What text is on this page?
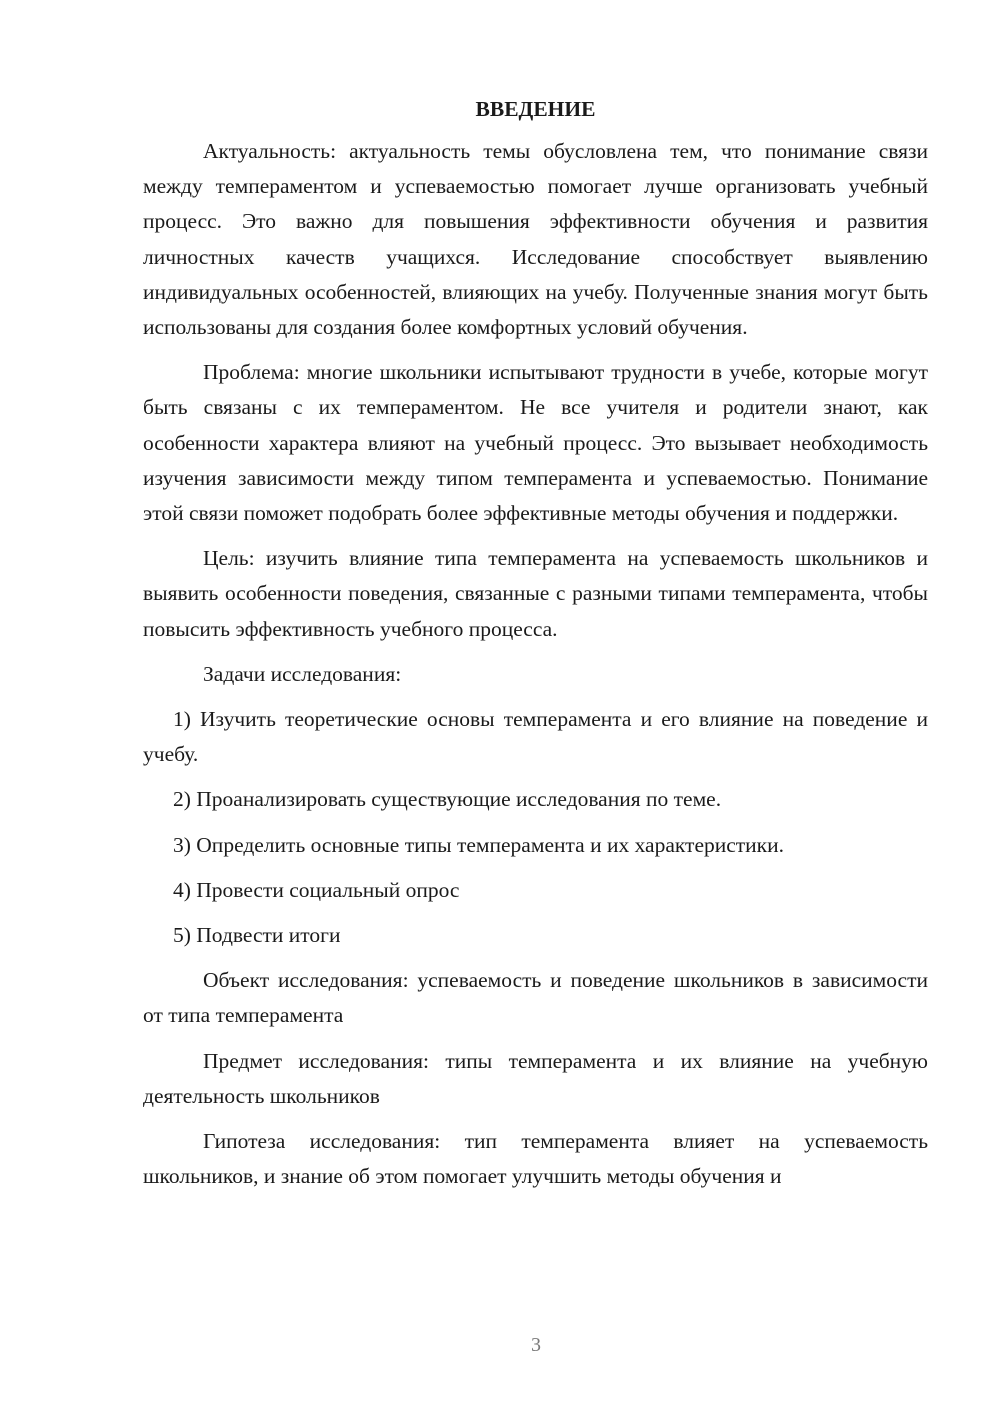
ВВЕДЕНИЕ

Актуальность: актуальность темы обусловлена тем, что понимание связи между темпераментом и успеваемостью помогает лучше организовать учебный процесс. Это важно для повышения эффективности обучения и развития личностных качеств учащихся. Исследование способствует выявлению индивидуальных особенностей, влияющих на учебу. Полученные знания могут быть использованы для создания более комфортных условий обучения.

Проблема: многие школьники испытывают трудности в учебе, которые могут быть связаны с их темпераментом. Не все учителя и родители знают, как особенности характера влияют на учебный процесс. Это вызывает необходимость изучения зависимости между типом темперамента и успеваемостью. Понимание этой связи поможет подобрать более эффективные методы обучения и поддержки.

Цель: изучить влияние типа темперамента на успеваемость школьников и выявить особенности поведения, связанные с разными типами темперамента, чтобы повысить эффективность учебного процесса.

Задачи исследования:

1) Изучить теоретические основы темперамента и его влияние на поведение и учебу.

2) Проанализировать существующие исследования по теме.

3) Определить основные типы темперамента и их характеристики.

4) Провести социальный опрос

5) Подвести итоги

Объект исследования: успеваемость и поведение школьников в зависимости от типа темперамента

Предмет исследования: типы темперамента и их влияние на учебную деятельность школьников

Гипотеза исследования: тип темперамента влияет на успеваемость школьников, и знание об этом помогает улучшить методы обучения и

3
